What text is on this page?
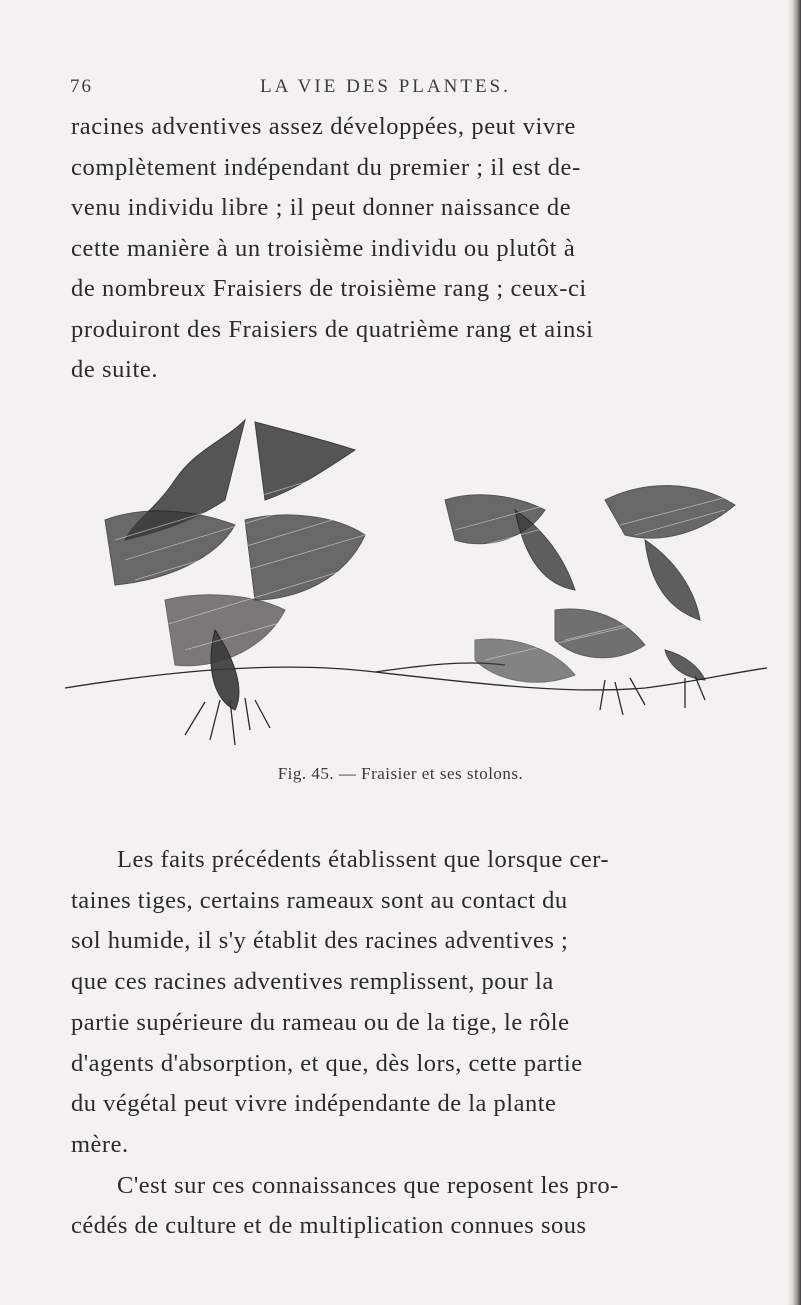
76	LA VIE DES PLANTES.
racines adventives assez développées, peut vivre
complètement indépendant du premier ; il est de-
venu individu libre ; il peut donner naissance de
cette manière à un troisième individu ou plutôt à
de nombreux Fraisiers de troisième rang ; ceux-ci
produiront des Fraisiers de quatrième rang et ainsi
de suite.
Fig. 45. — Fraisier et ses stolons.

Les faits précédents établissent que lorsque cer-

taines tiges, certains rameaux sont au contact du
sol humide, il s'y établit des racines adventives ;
que ces racines adventives remplissent, pour la
partie supérieure du rameau ou de la tige, le rôle
d'agents d'absorption, et que, dès lors, cette partie
du végétal peut vivre indépendante de la plante
mère.

C'est sur ces connaissances que reposent les pro-

cédés de culture et de multiplication connues sous
